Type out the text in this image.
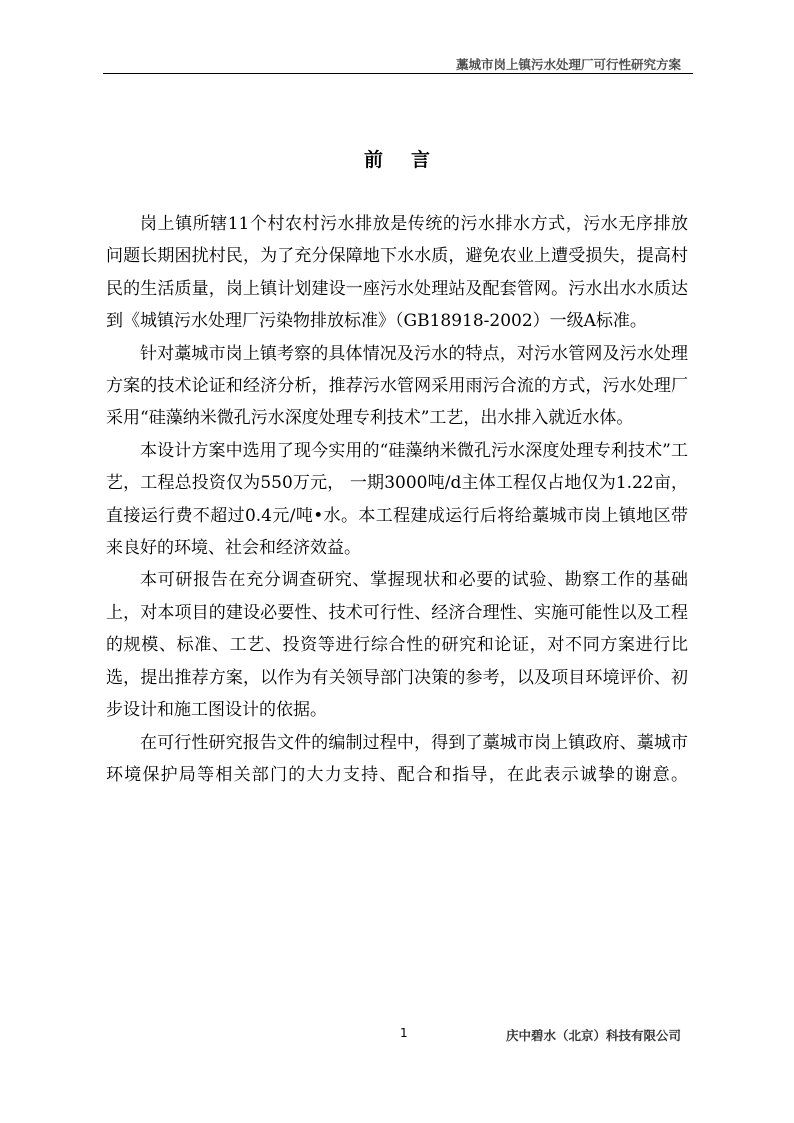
藁城市岗上镇污水处理厂可行性研究方案
前言

岗上镇所辖11个村农村污水排放是传统的污水排水方式，污水无序排放问题长期困扰村民，为了充分保障地下水水质，避免农业上遭受损失，提高村民的生活质量，岗上镇计划建设一座污水处理站及配套管网。污水出水水质达到《城镇污水处理厂污染物排放标准》（GB18918-2002）一级A标准。

针对藁城市岗上镇考察的具体情况及污水的特点，对污水管网及污水处理方案的技术论证和经济分析，推荐污水管网采用雨污合流的方式，污水处理厂采用“硅藻纳米微孔污水深度处理专利技术”工艺，出水排入就近水体。

本设计方案中选用了现今实用的“硅藻纳米微孔污水深度处理专利技术”工艺，工程总投资仅为550万元， 一期3000吨/d主体工程仅占地仅为1.22亩，直接运行费不超过0.4元/吨•水。本工程建成运行后将给藁城市岗上镇地区带来良好的环境、社会和经济效益。

本可研报告在充分调查研究、掌握现状和必要的试验、勘察工作的基础上，对本项目的建设必要性、技术可行性、经济合理性、实施可能性以及工程的规模、标准、工艺、投资等进行综合性的研究和论证，对不同方案进行比选，提出推荐方案，以作为有关领导部门决策的参考，以及项目环境评价、初步设计和施工图设计的依据。

在可行性研究报告文件的编制过程中，得到了藁城市岗上镇政府、藁城市环境保护局等相关部门的大力支持、配合和指导，在此表示诚挚的谢意。

1	庆中碧水（北京）科技有限公司
